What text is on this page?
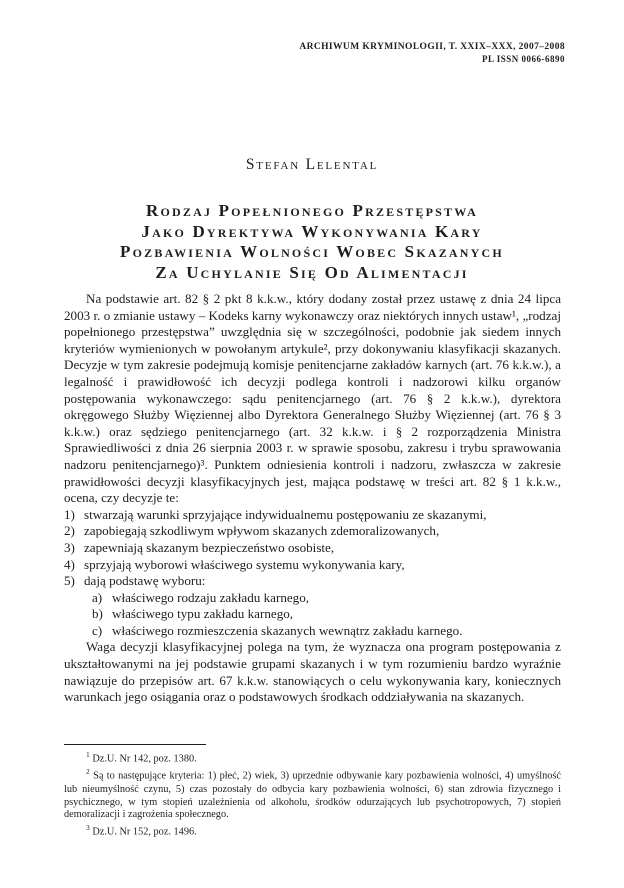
ARCHIWUM KRYMINOLOGII, T. XXIX–XXX, 2007–2008
PL ISSN 0066-6890
Stefan Lelental
Rodzaj Popełnionego Przestępstwa
Jako Dyrektywa Wykonywania Kary
Pozbawienia Wolności Wobec Skazanych
Za Uchylanie Się Od Alimentacji

Na podstawie art. 82 § 2 pkt 8 k.k.w., który dodany został przez ustawę z dnia 24 lipca 2003 r. o zmianie ustawy – Kodeks karny wykonawczy oraz niektórych innych ustaw¹, „rodzaj popełnionego przestępstwa” uwzględnia się w szczególności, podobnie jak siedem innych kryteriów wymienionych w powołanym artykule², przy dokonywaniu klasyfikacji skazanych. Decyzje w tym zakresie podejmują komisje penitencjarne zakładów karnych (art. 76 k.k.w.), a legalność i prawidłowość ich decyzji podlega kontroli i nadzorowi kilku organów postępowania wykonawczego: sądu penitencjarnego (art. 76 § 2 k.k.w.), dyrektora okręgowego Służby Więziennej albo Dyrektora Generalnego Służby Więziennej (art. 76 § 3 k.k.w.) oraz sędziego penitencjarnego (art. 32 k.k.w. i § 2 rozporządzenia Ministra Sprawiedliwości z dnia 26 sierpnia 2003 r. w sprawie sposobu, zakresu i trybu sprawowania nadzoru penitencjarnego)³. Punktem odniesienia kontroli i nadzoru, zwłaszcza w zakresie prawidłowości decyzji klasyfikacyjnych jest, mająca podstawę w treści art. 82 § 1 k.k.w., ocena, czy decyzje te:

1) stwarzają warunki sprzyjające indywidualnemu postępowaniu ze skazanymi,
2) zapobiegają szkodliwym wpływom skazanych zdemoralizowanych,
3) zapewniają skazanym bezpieczeństwo osobiste,
4) sprzyjają wyborowi właściwego systemu wykonywania kary,
5) dają podstawę wyboru:
a) właściwego rodzaju zakładu karnego,
b) właściwego typu zakładu karnego,
c) właściwego rozmieszczenia skazanych wewnątrz zakładu karnego.

Waga decyzji klasyfikacyjnej polega na tym, że wyznacza ona program postępowania z ukształtowanymi na jej podstawie grupami skazanych i w tym rozumieniu bardzo wyraźnie nawiązuje do przepisów art. 67 k.k.w. stanowiących o celu wykonywania kary, koniecznych warunkach jego osiągania oraz o podstawowych środkach oddziaływania na skazanych.

$^1$ Dz.U. Nr 142, poz. 1380.
$^2$ Są to następujące kryteria: 1) płeć, 2) wiek, 3) uprzednie odbywanie kary pozbawienia wolności, 4) umyślność lub nieumyślność czynu, 5) czas pozostały do odbycia kary pozbawienia wolności, 6) stan zdrowia fizycznego i psychicznego, w tym stopień uzależnienia od alkoholu, środków odurzających lub psychotropowych, 7) stopień demoralizacji i zagrożenia społecznego.
$^3$ Dz.U. Nr 152, poz. 1496.
